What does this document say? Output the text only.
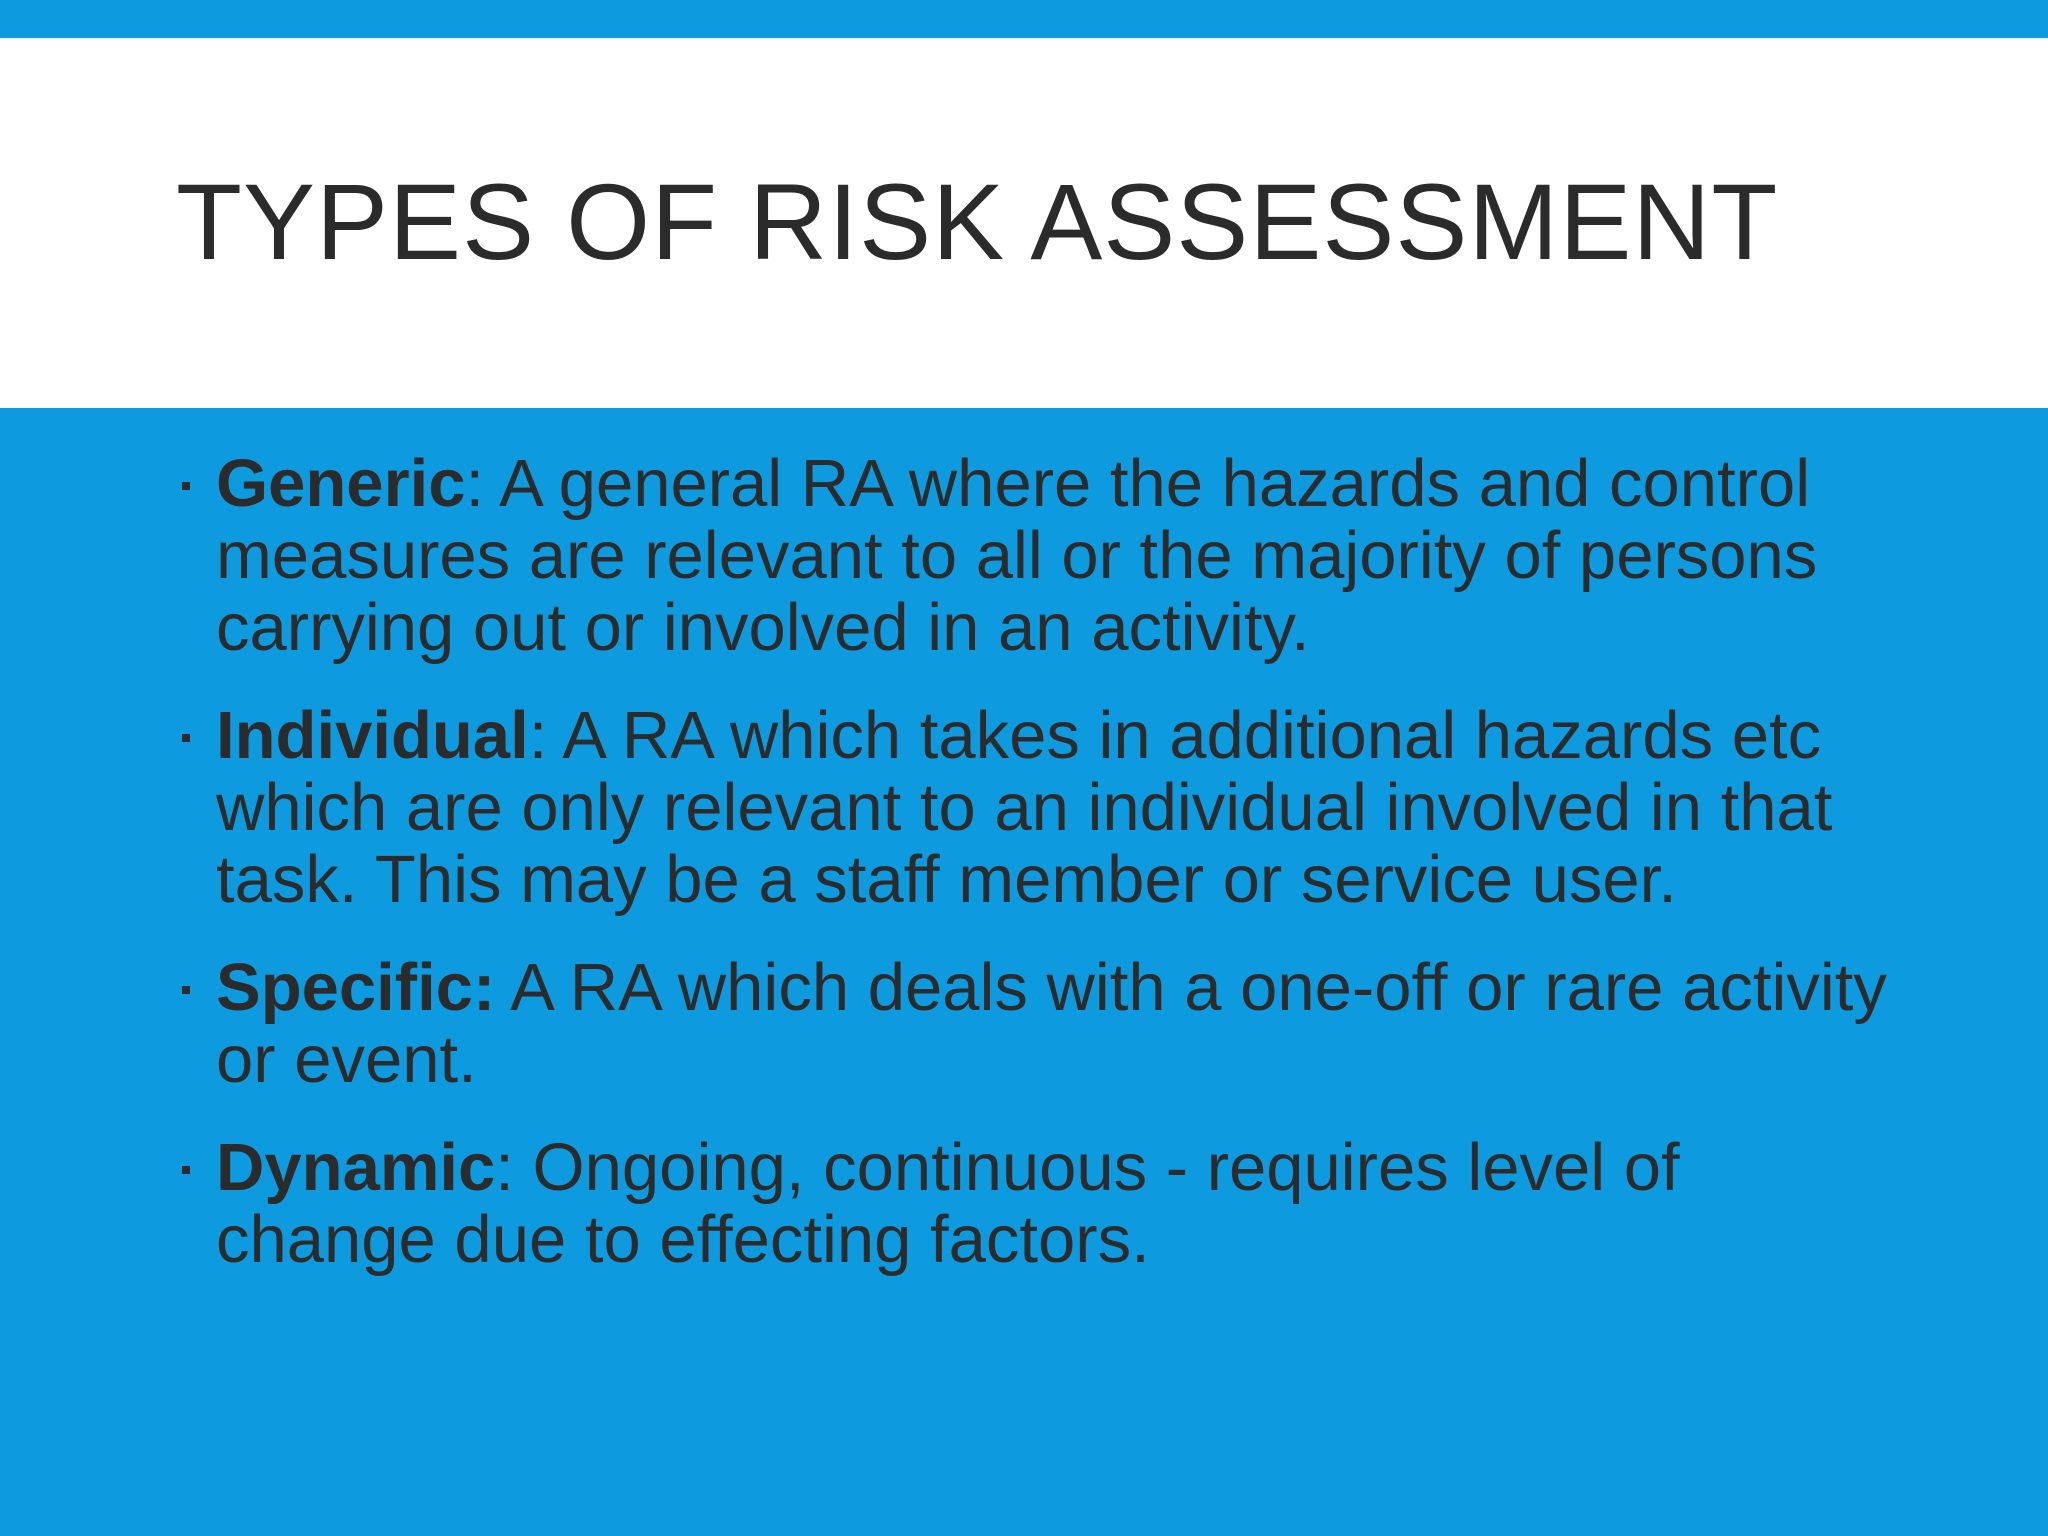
TYPES OF RISK ASSESSMENT
Generic: A general RA where the hazards and control measures are relevant to all or the majority of persons carrying out or involved in an activity.
Individual: A RA which takes in additional hazards etc which are only relevant to an individual involved in that task. This may be a staff member or service user.
Specific: A RA which deals with a one-off or rare activity or event.
Dynamic: Ongoing, continuous - requires level of change due to effecting factors.
